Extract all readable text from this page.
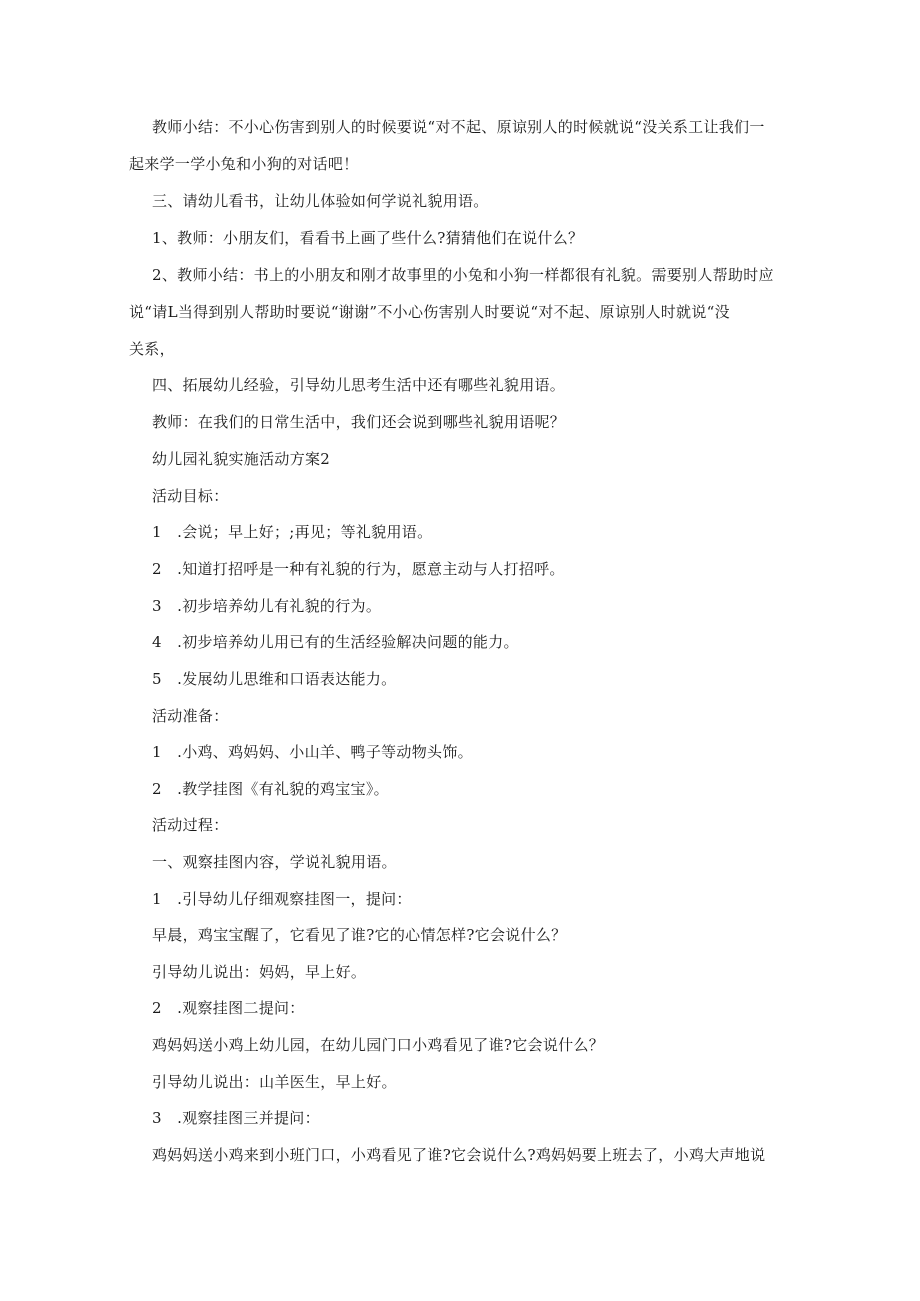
教师小结：不小心伤害到别人的时候要说“对不起、原谅别人的时候就说“没关系工让我们一
起来学一学小兔和小狗的对话吧！
三、请幼儿看书，让幼儿体验如何学说礼貌用语。
1、教师：小朋友们，看看书上画了些什么?猜猜他们在说什么？
2、教师小结：书上的小朋友和刚才故事里的小兔和小狗一样都很有礼貌。需要别人帮助时应
说“请L当得到别人帮助时要说“谢谢”不小心伤害别人时要说“对不起、原谅别人时就说“没
关系，
四、拓展幼儿经验，引导幼儿思考生活中还有哪些礼貌用语。
教师：在我们的日常生活中，我们还会说到哪些礼貌用语呢？
幼儿园礼貌实施活动方案2
活动目标：
1　.会说；早上好；;再见；等礼貌用语。
2　.知道打招呼是一种有礼貌的行为，愿意主动与人打招呼。
3　.初步培养幼儿有礼貌的行为。
4　.初步培养幼儿用已有的生活经验解决问题的能力。
5　.发展幼儿思维和口语表达能力。
活动准备：
1　.小鸡、鸡妈妈、小山羊、鸭子等动物头饰。
2　.教学挂图《有礼貌的鸡宝宝》。
活动过程：
一、观察挂图内容，学说礼貌用语。
1　.引导幼儿仔细观察挂图一，提问：
早晨，鸡宝宝醒了，它看见了谁?它的心情怎样?它会说什么？
引导幼儿说出：妈妈，早上好。
2　.观察挂图二提问：
鸡妈妈送小鸡上幼儿园，在幼儿园门口小鸡看见了谁?它会说什么？
引导幼儿说出：山羊医生，早上好。
3　.观察挂图三并提问：
鸡妈妈送小鸡来到小班门口，小鸡看见了谁?它会说什么?鸡妈妈要上班去了，小鸡大声地说
